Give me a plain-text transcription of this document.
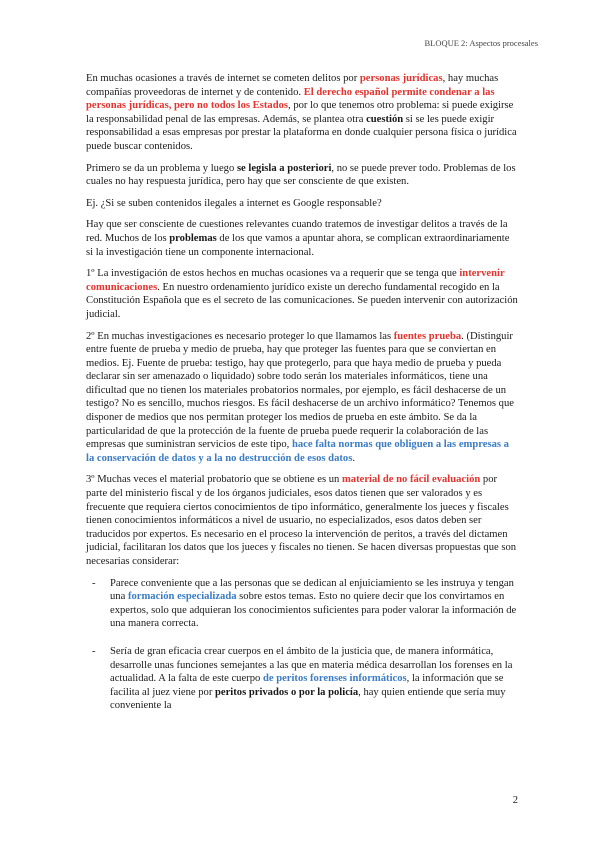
BLOQUE 2: Aspectos procesales

En muchas ocasiones a través de internet se cometen delitos por personas jurídicas, hay muchas compañías proveedoras de internet y de contenido. El derecho español permite condenar a las personas jurídicas, pero no todos los Estados, por lo que tenemos otro problema: si puede exigirse la responsabilidad penal de las empresas. Además, se plantea otra cuestión si se les puede exigir responsabilidad a esas empresas por prestar la plataforma en donde cualquier persona física o jurídica puede buscar contenidos.

Primero se da un problema y luego se legisla a posteriori, no se puede prever todo. Problemas de los cuales no hay respuesta jurídica, pero hay que ser consciente de que existen.

Ej. ¿Si se suben contenidos ilegales a internet es Google responsable?

Hay que ser consciente de cuestiones relevantes cuando tratemos de investigar delitos a través de la red. Muchos de los problemas de los que vamos a apuntar ahora, se complican extraordinariamente si la investigación tiene un componente internacional.

1º La investigación de estos hechos en muchas ocasiones va a requerir que se tenga que intervenir comunicaciones. En nuestro ordenamiento jurídico existe un derecho fundamental recogido en la Constitución Española que es el secreto de las comunicaciones. Se pueden intervenir con autorización judicial.

2º En muchas investigaciones es necesario proteger lo que llamamos las fuentes prueba. (Distinguir entre fuente de prueba y medio de prueba, hay que proteger las fuentes para que se conviertan en medios. Ej. Fuente de prueba: testigo, hay que protegerlo, para que haya medio de prueba y pueda declarar sin ser amenazado o liquidado) sobre todo serán los materiales informáticos, tiene una dificultad que no tienen los materiales probatorios normales, por ejemplo, es fácil deshacerse de un testigo? No es sencillo, muchos riesgos. Es fácil deshacerse de un archivo informático? Tenemos que disponer de medios que nos permitan proteger los medios de prueba en este ámbito. Se da la particularidad de que la protección de la fuente de prueba puede requerir la colaboración de las empresas que suministran servicios de este tipo, hace falta normas que obliguen a las empresas a la conservación de datos y a la no destrucción de esos datos.

3º Muchas veces el material probatorio que se obtiene es un material de no fácil evaluación por parte del ministerio fiscal y de los órganos judiciales, esos datos tienen que ser valorados y es frecuente que requiera ciertos conocimientos de tipo informático, generalmente los jueces y fiscales tienen conocimientos informáticos a nivel de usuario, no especializados, esos datos deben ser traducidos por expertos. Es necesario en el proceso la intervención de peritos, a través del dictamen judicial, facilitaran los datos que los jueces y fiscales no tienen. Se hacen diversas propuestas que son necesarias considerar:

- Parece conveniente que a las personas que se dedican al enjuiciamiento se les instruya y tengan una formación especializada sobre estos temas. Esto no quiere decir que los convirtamos en expertos, solo que adquieran los conocimientos suficientes para poder valorar la información de una manera correcta.
- Sería de gran eficacia crear cuerpos en el ámbito de la justicia que, de manera informática, desarrolle unas funciones semejantes a las que en materia médica desarrollan los forenses en la actualidad. A la falta de este cuerpo de peritos forenses informáticos, la información que se facilita al juez viene por peritos privados o por la policía, hay quien entiende que sería muy conveniente la
2
